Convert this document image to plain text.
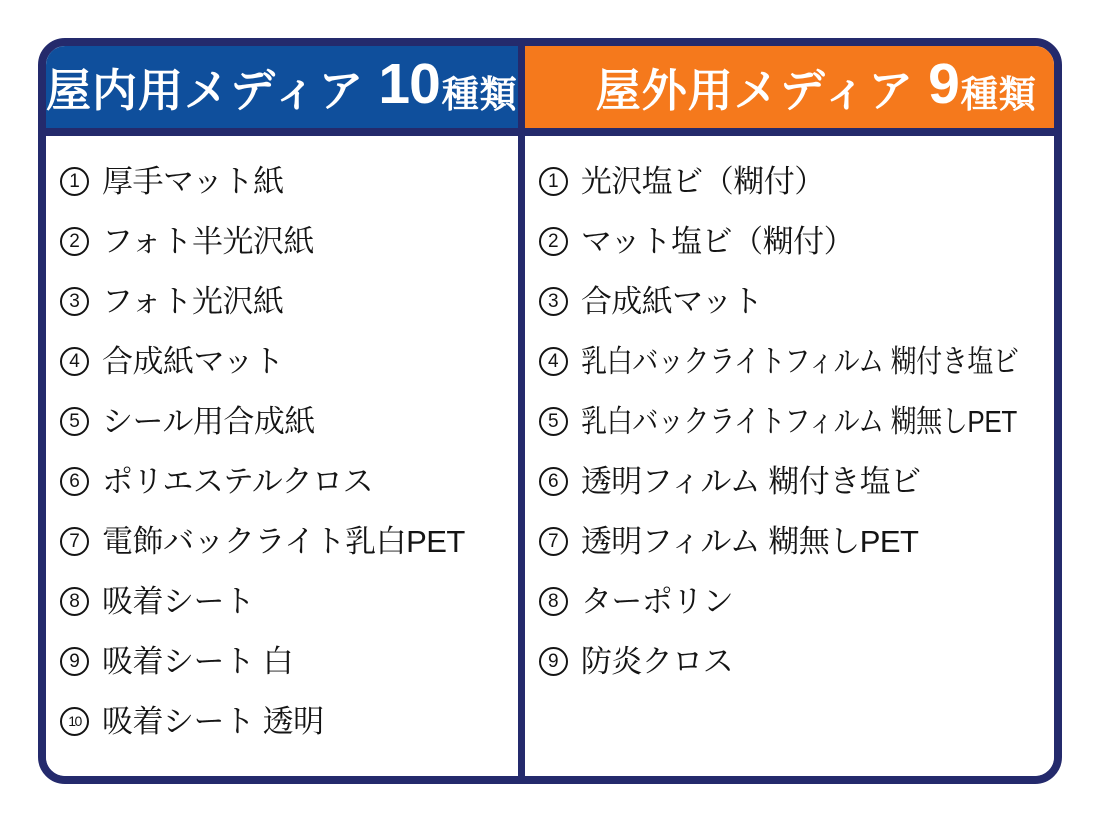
屋内用メディア 10 種類 屋外用メディア 9 種類
1 厚手マット紙
2 フォト半光沢紙
3 フォト光沢紙
4 合成紙マット
5 シール用合成紙
6 ポリエステルクロス
7 電飾バックライト乳白PET
8 吸着シート
9 吸着シート 白
10 吸着シート 透明
1 光沢塩ビ（糊付）
2 マット塩ビ（糊付）
3 合成紙マット
4 乳白バックライトフィルム 糊付き塩ビ
5 乳白バックライトフィルム 糊無しPET
6 透明フィルム 糊付き塩ビ
7 透明フィルム 糊無しPET
8 ターポリン
9 防炎クロス
